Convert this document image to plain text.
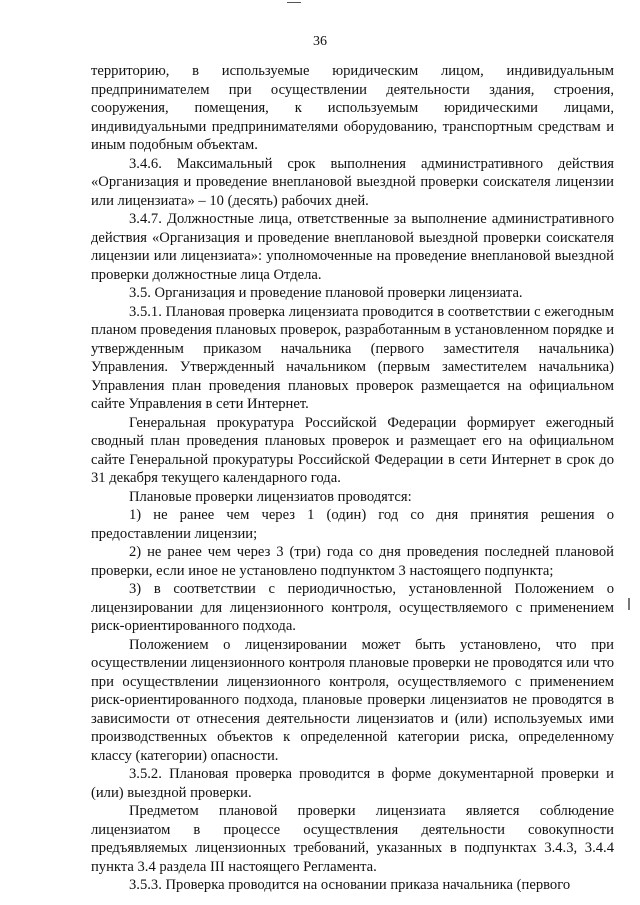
36

территорию, в используемые юридическим лицом, индивидуальным предпринимателем при осуществлении деятельности здания, строения, сооружения, помещения, к используемым юридическими лицами, индивидуальными предпринимателями оборудованию, транспортным средствам и иным подобным объектам.

3.4.6. Максимальный срок выполнения административного действия «Организация и проведение внеплановой выездной проверки соискателя лицензии или лицензиата» – 10 (десять) рабочих дней.

3.4.7. Должностные лица, ответственные за выполнение административного действия «Организация и проведение внеплановой выездной проверки соискателя лицензии или лицензиата»: уполномоченные на проведение внеплановой выездной проверки должностные лица Отдела.

3.5. Организация и проведение плановой проверки лицензиата.

3.5.1. Плановая проверка лицензиата проводится в соответствии с ежегодным планом проведения плановых проверок, разработанным в установленном порядке и утвержденным приказом начальника (первого заместителя начальника) Управления. Утвержденный начальником (первым заместителем начальника) Управления план проведения плановых проверок размещается на официальном сайте Управления в сети Интернет.

Генеральная прокуратура Российской Федерации формирует ежегодный сводный план проведения плановых проверок и размещает его на официальном сайте Генеральной прокуратуры Российской Федерации в сети Интернет в срок до 31 декабря текущего календарного года.

Плановые проверки лицензиатов проводятся:

1) не ранее чем через 1 (один) год со дня принятия решения о предоставлении лицензии;

2) не ранее чем через 3 (три) года со дня проведения последней плановой проверки, если иное не установлено подпунктом 3 настоящего подпункта;

3) в соответствии с периодичностью, установленной Положением о лицензировании для лицензионного контроля, осуществляемого с применением риск-ориентированного подхода.

Положением о лицензировании может быть установлено, что при осуществлении лицензионного контроля плановые проверки не проводятся или что при осуществлении лицензионного контроля, осуществляемого с применением риск-ориентированного подхода, плановые проверки лицензиатов не проводятся в зависимости от отнесения деятельности лицензиатов и (или) используемых ими производственных объектов к определенной категории риска, определенному классу (категории) опасности.

3.5.2. Плановая проверка проводится в форме документарной проверки и (или) выездной проверки.

Предметом плановой проверки лицензиата является соблюдение лицензиатом в процессе осуществления деятельности совокупности предъявляемых лицензионных требований, указанных в подпунктах 3.4.3, 3.4.4 пункта 3.4 раздела III настоящего Регламента.

3.5.3. Проверка проводится на основании приказа начальника (первого
